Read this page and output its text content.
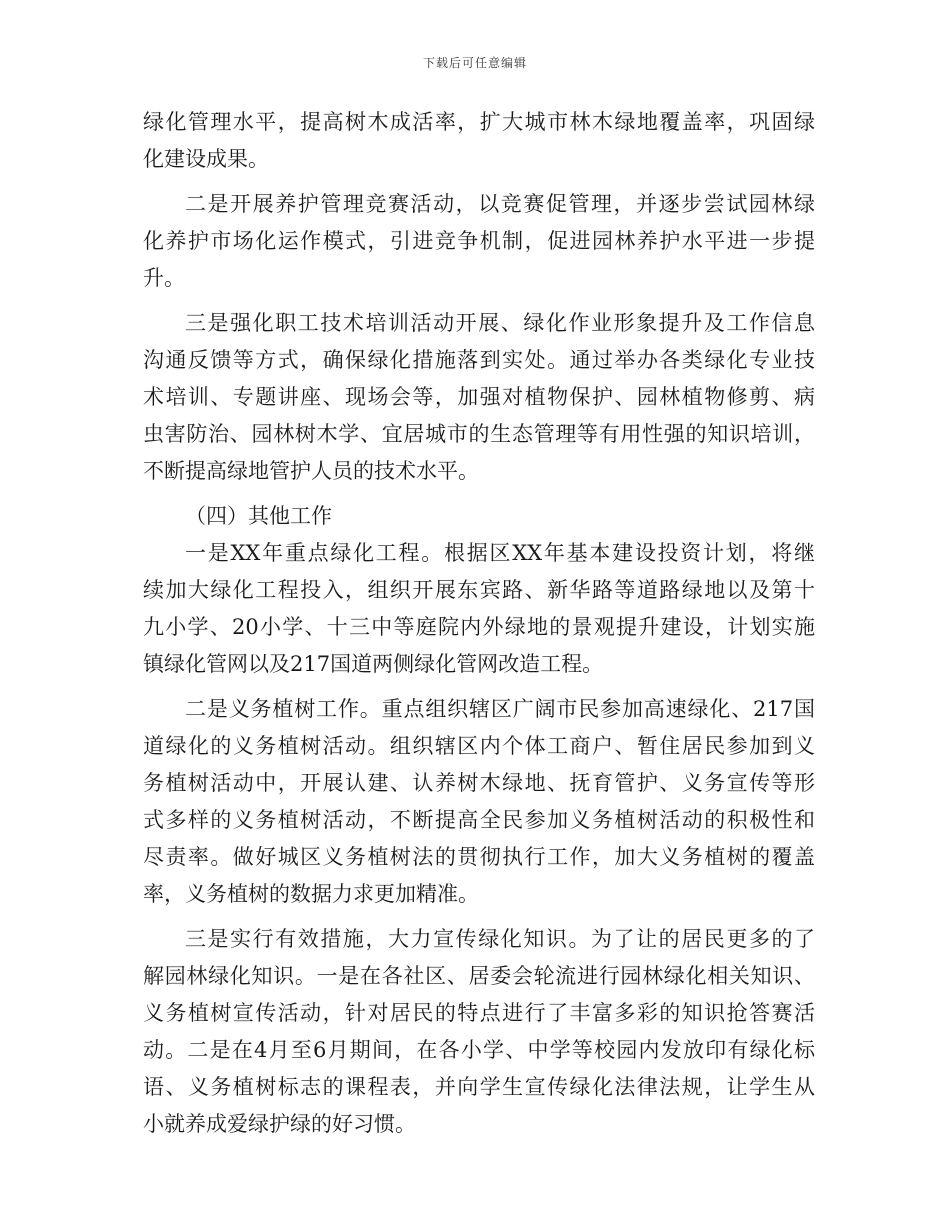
下载后可任意编辑
绿化管理水平，提高树木成活率，扩大城市林木绿地覆盖率，巩固绿
化建设成果。
二是开展养护管理竞赛活动，以竞赛促管理，并逐步尝试园林绿
化养护市场化运作模式，引进竞争机制，促进园林养护水平进一步提
升。
三是强化职工技术培训活动开展、绿化作业形象提升及工作信息
沟通反馈等方式，确保绿化措施落到实处。通过举办各类绿化专业技
术培训、专题讲座、现场会等，加强对植物保护、园林植物修剪、病
虫害防治、园林树木学、宜居城市的生态管理等有用性强的知识培训，
不断提高绿地管护人员的技术水平。
（四）其他工作
一是XX年重点绿化工程。根据区XX年基本建设投资计划，将继
续加大绿化工程投入，组织开展东宾路、新华路等道路绿地以及第十
九小学、20小学、十三中等庭院内外绿地的景观提升建设，计划实施
镇绿化管网以及217国道两侧绿化管网改造工程。
二是义务植树工作。重点组织辖区广阔市民参加高速绿化、217国
道绿化的义务植树活动。组织辖区内个体工商户、暂住居民参加到义
务植树活动中，开展认建、认养树木绿地、抚育管护、义务宣传等形
式多样的义务植树活动，不断提高全民参加义务植树活动的积极性和
尽责率。做好城区义务植树法的贯彻执行工作，加大义务植树的覆盖
率，义务植树的数据力求更加精准。
三是实行有效措施，大力宣传绿化知识。为了让的居民更多的了
解园林绿化知识。一是在各社区、居委会轮流进行园林绿化相关知识、
义务植树宣传活动，针对居民的特点进行了丰富多彩的知识抢答赛活
动。二是在4月至6月期间，在各小学、中学等校园内发放印有绿化标
语、义务植树标志的课程表，并向学生宣传绿化法律法规，让学生从
小就养成爱绿护绿的好习惯。
